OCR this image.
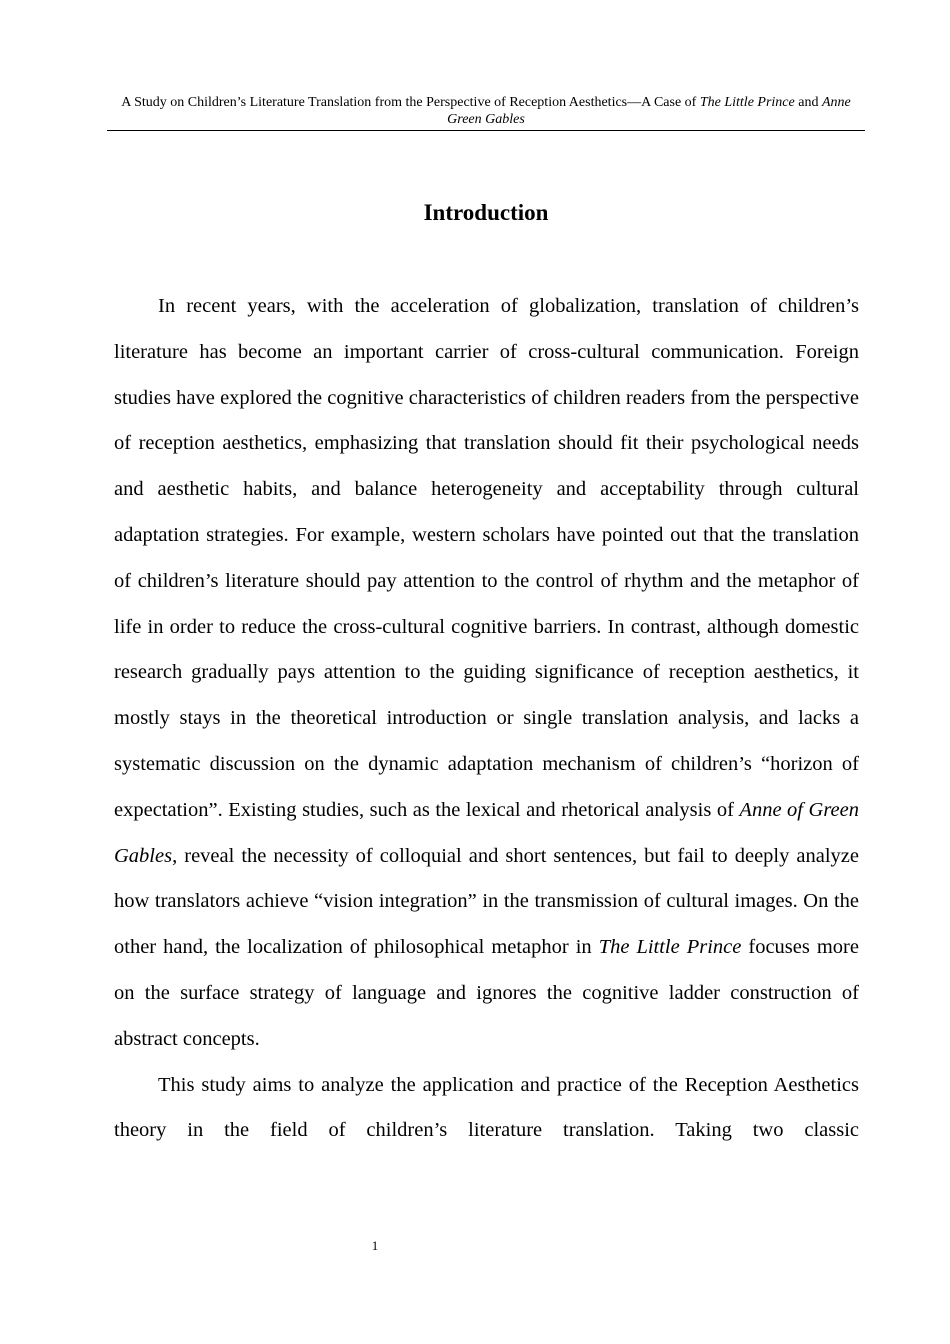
A Study on Children’s Literature Translation from the Perspective of Reception Aesthetics—A Case of The Little Prince and Anne Green Gables
Introduction

In recent years, with the acceleration of globalization, translation of children’s literature has become an important carrier of cross-cultural communication. Foreign studies have explored the cognitive characteristics of children readers from the perspective of reception aesthetics, emphasizing that translation should fit their psychological needs and aesthetic habits, and balance heterogeneity and acceptability through cultural adaptation strategies. For example, western scholars have pointed out that the translation of children’s literature should pay attention to the control of rhythm and the metaphor of life in order to reduce the cross-cultural cognitive barriers. In contrast, although domestic research gradually pays attention to the guiding significance of reception aesthetics, it mostly stays in the theoretical introduction or single translation analysis, and lacks a systematic discussion on the dynamic adaptation mechanism of children’s “horizon of expectation”. Existing studies, such as the lexical and rhetorical analysis of Anne of Green Gables, reveal the necessity of colloquial and short sentences, but fail to deeply analyze how translators achieve “vision integration” in the transmission of cultural images. On the other hand, the localization of philosophical metaphor in The Little Prince focuses more on the surface strategy of language and ignores the cognitive ladder construction of abstract concepts.

This study aims to analyze the application and practice of the Reception Aesthetics theory in the field of children’s literature translation. Taking two classic

1
